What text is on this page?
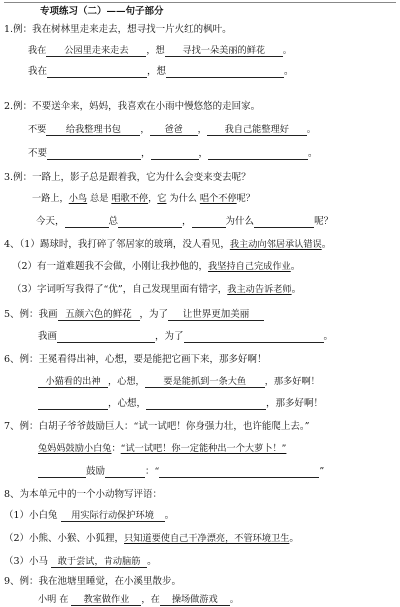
专项练习（二）——句子部分
1.例：我在树林里走来走去，想寻找一片火红的枫叶。
我在 公园里走来走去 ，想 寻找一朵美丽的鲜花 。
我在	，想	。
2.例：不要送伞来，妈妈，我喜欢在小雨中慢悠悠的走回家。
不要 给我整理书包 ， 爸爸 ， 我自己能整理好 。
不要	，	，	。
3.例：一路上，影子总是跟着我，它为什么会变来变去呢？
一路上，小鸟 总是 唱歌不停，它 为什么 唱个不停呢？
今天，	总	，	为什么	呢？
4、（1）踢球时，我打碎了邻居家的玻璃，没人看见，我主动向邻居承认错误。
（2）有一道难题我不会做，小刚让我抄他的，我坚持自己完成作业。
（3）字词听写我得了“优”，自己发现里面有错字，我主动告诉老师。
5、例：我画 五颜六色的鲜花 ，为了 让世界更加美丽
我画	，为了	。
6、例：王冕看得出神，心想，要是能把它画下来，那多好啊！
小猫看的出神 ，心想， 要是能抓到一条大鱼 ，那多好啊！
，心想，	，那多好啊！
7、例：白胡子爷爷鼓励巨人：“试一试吧！你身强力壮，也许能爬上去。”
兔妈妈鼓励小白兔：“试一试吧！你一定能种出一个大萝卜！”
鼓励	：“	”
8、为本单元中的一个小动物写评语：
（1）小白兔 用实际行动保护环境 。
（2）小熊、小猴、小狐狸，只知道要使自己干净漂亮，不管环境卫生。
（3）小马 敢于尝试，肯动脑筋 。
9、例：我在池塘里睡觉，在小溪里散步。
小明 在 教室做作业 ，在 操场做游戏 。
